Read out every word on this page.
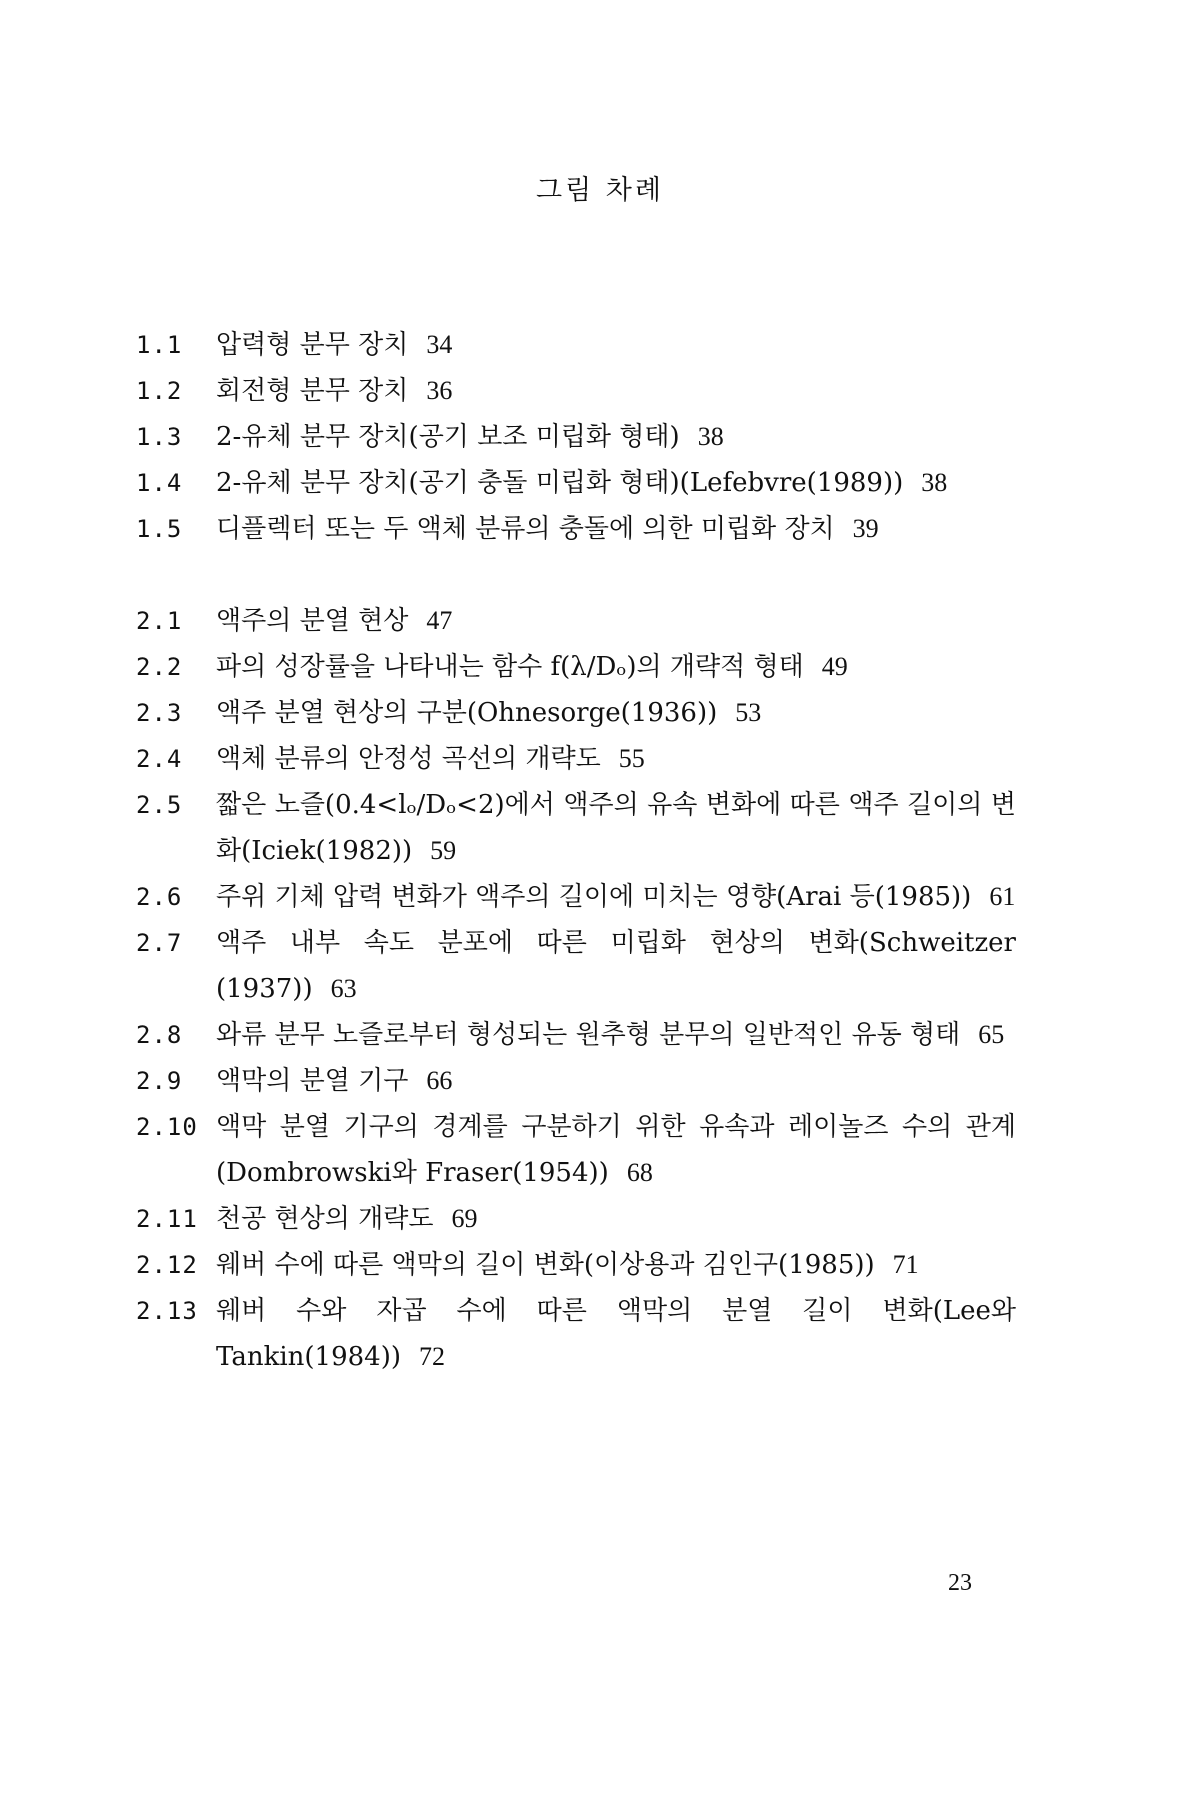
그림 차례
1.1	압력형 분무 장치 34
1.2	회전형 분무 장치 36
1.3	2-유체 분무 장치(공기 보조 미립화 형태) 38
1.4	2-유체 분무 장치(공기 충돌 미립화 형태)(Lefebvre(1989)) 38
1.5	디플렉터 또는 두 액체 분류의 충돌에 의한 미립화 장치 39
2.1	액주의 분열 현상 47
2.2	파의 성장률을 나타내는 함수 f(λ/Dₒ)의 개략적 형태 49
2.3	액주 분열 현상의 구분(Ohnesorge(1936)) 53
2.4	액체 분류의 안정성 곡선의 개략도 55
2.5	짧은 노즐(0.4<lₒ/Dₒ<2)에서 액주의 유속 변화에 따른 액주 길이의 변화(Iciek(1982)) 59
2.6	주위 기체 압력 변화가 액주의 길이에 미치는 영향(Arai 등(1985)) 61
2.7	액주 내부 속도 분포에 따른 미립화 현상의 변화(Schweitzer (1937)) 63
2.8	와류 분무 노즐로부터 형성되는 원추형 분무의 일반적인 유동 형태 65
2.9	액막의 분열 기구 66
2.10 액막 분열 기구의 경계를 구분하기 위한 유속과 레이놀즈 수의 관계(Dombrowski와 Fraser(1954)) 68
2.11 천공 현상의 개략도 69
2.12 웨버 수에 따른 액막의 길이 변화(이상용과 김인구(1985)) 71
2.13 웨버 수와 자곱 수에 따른 액막의 분열 길이 변화(Lee와 Tankin(1984)) 72
23
